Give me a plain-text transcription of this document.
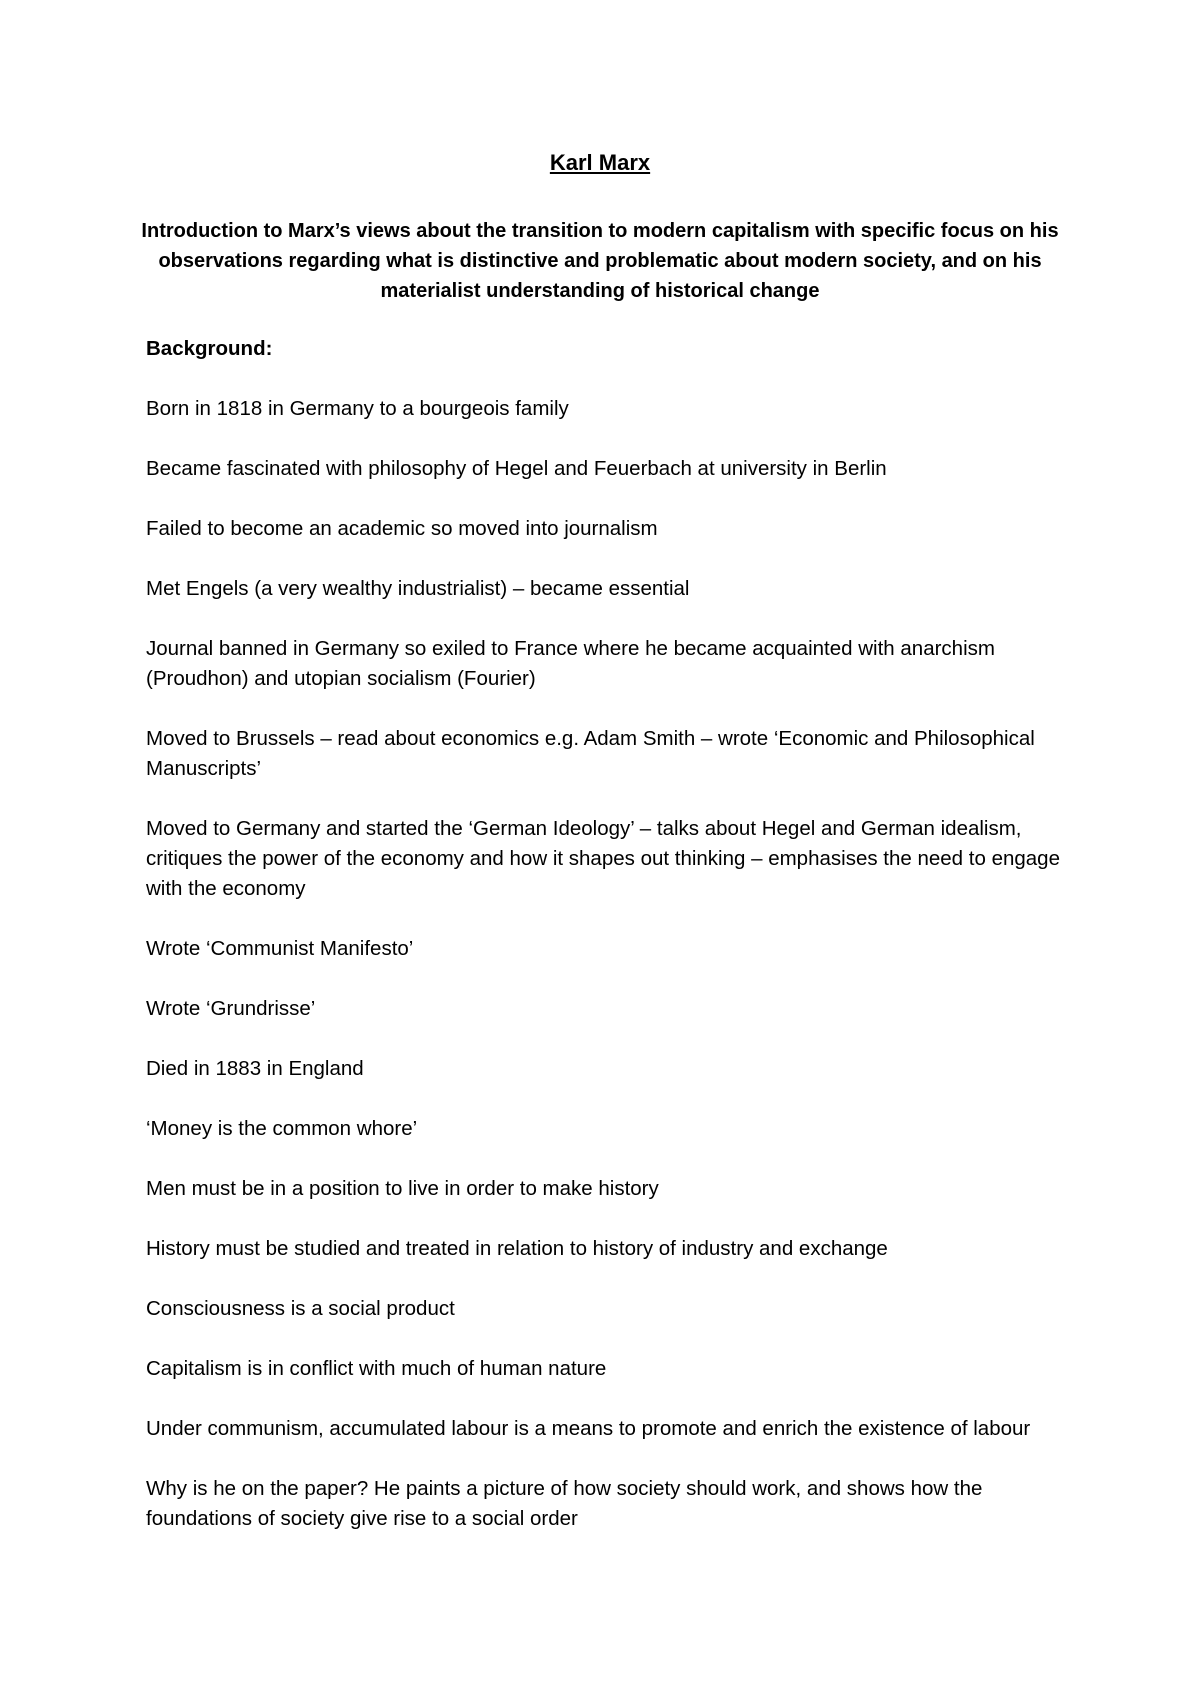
Karl Marx

Introduction to Marx’s views about the transition to modern capitalism with specific focus on his observations regarding what is distinctive and problematic about modern society, and on his materialist understanding of historical change

Background:

Born in 1818 in Germany to a bourgeois family

Became fascinated with philosophy of Hegel and Feuerbach at university in Berlin

Failed to become an academic so moved into journalism

Met Engels (a very wealthy industrialist) – became essential

Journal banned in Germany so exiled to France where he became acquainted with anarchism (Proudhon) and utopian socialism (Fourier)

Moved to Brussels – read about economics e.g. Adam Smith – wrote ‘Economic and Philosophical Manuscripts’

Moved to Germany and started the ‘German Ideology’ – talks about Hegel and German idealism, critiques the power of the economy and how it shapes out thinking – emphasises the need to engage with the economy

Wrote ‘Communist Manifesto’

Wrote ‘Grundrisse’

Died in 1883 in England

‘Money is the common whore’

Men must be in a position to live in order to make history

History must be studied and treated in relation to history of industry and exchange

Consciousness is a social product

Capitalism is in conflict with much of human nature

Under communism, accumulated labour is a means to promote and enrich the existence of labour

Why is he on the paper? He paints a picture of how society should work, and shows how the foundations of society give rise to a social order
